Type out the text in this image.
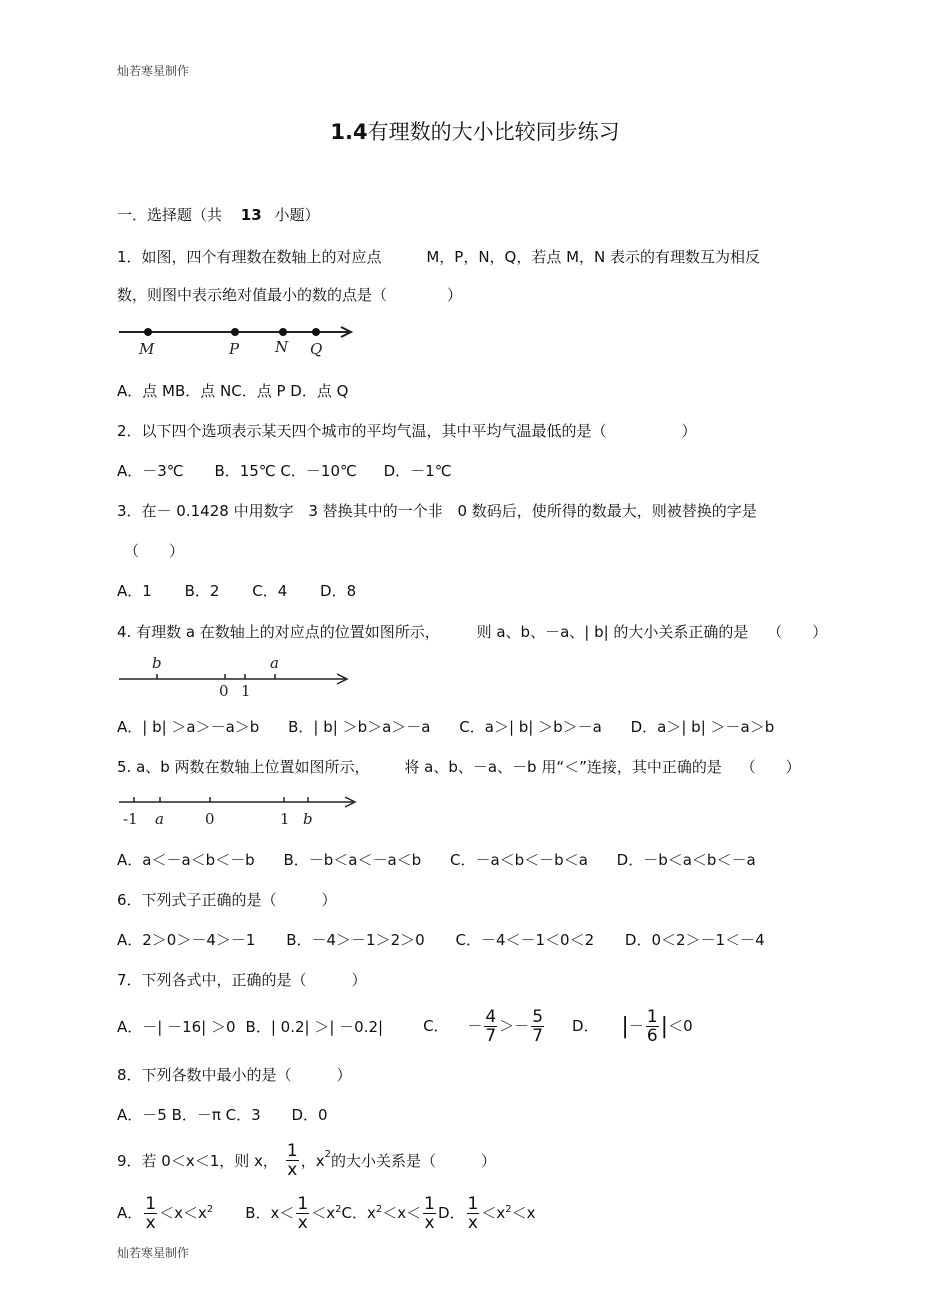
灿若寒星制作
1.4有理数的大小比较同步练习
一．选择题（共 13 小题）
1．如图，四个有理数在数轴上的对应点	M，P，N，Q，若点 M，N 表示的有理数互为相反
数，则图中表示绝对值最小的数的点是（　　　　）
M	P N Q
A．点 MB．点 NC．点 P D．点 Q
2．以下四个选项表示某天四个城市的平均气温，其中平均气温最低的是（　　　　　）
A．－3℃ B．15℃ C．－10℃ D．－1℃
3．在－ 0.1428 中用数字 3 替换其中的一个非 0 数码后，使所得的数最大，则被替换的字是
（　　）
A．1 B．2 C．4 D．8
4. 有理数 a 在数轴上的对应点的位置如图所示， 则 a、b、－a、| b| 的大小关系正确的是 （　　）
b	a
0 1
A．| b| ＞a＞－a＞b B．| b| ＞b＞a＞－a C．a＞| b| ＞b＞－a D．a＞| b| ＞－a＞b
5. a、b 两数在数轴上位置如图所示， 将 a、b、－a、－b 用“＜”连接，其中正确的是 （　　）
-1 a	0	1 b
A．a＜－a＜b＜－b B．－b＜a＜－a＜b C．－a＜b＜－b＜a D．－b＜a＜b＜－a
6．下列式子正确的是（　　　）
A．2＞0＞－4＞－1 B．－4＞－1＞2＞0 C．－4＜－1＜0＜2 D．0＜2＞－1＜－4
7．下列各式中，正确的是（　　　）
A．－| －16| ＞0 B．| 0.2| ＞| －0.2|	C． － $\frac{4}{7} >- \frac{5}{7}$ D． |－ $\frac{1}{6} |<0$
8．下列各数中最小的是（　　　）
A．－5 B．－π C．3 D．0
9．若 0＜x＜1，则 x， $\frac{1}{x}$ ，$x^2$ 的大小关系是（　　　）
A． $\frac{1}{x} <x<x^2$ B．$x< \frac{1}{x} <x^2$ C．$x^2<x< \frac{1}{x}$ D． $\frac{1}{x} <x^2<x$
灿若寒星制作
